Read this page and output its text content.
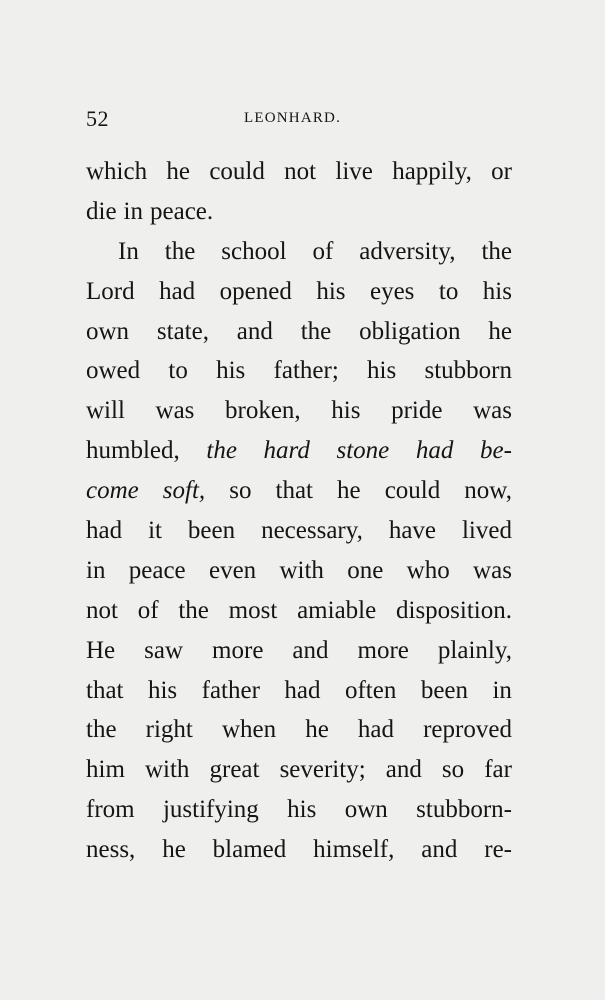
52	LEONHARD.
which he could not live happily, or
die in peace.
In the school of adversity, the
Lord had opened his eyes to his
own state, and the obligation he
owed to his father; his stubborn
will was broken, his pride was
humbled, the hard stone had be-
come soft, so that he could now,
had it been necessary, have lived
in peace even with one who was
not of the most amiable disposition.
He saw more and more plainly,
that his father had often been in
the right when he had reproved
him with great severity; and so far
from justifying his own stubborn-
ness, he blamed himself, and re-
